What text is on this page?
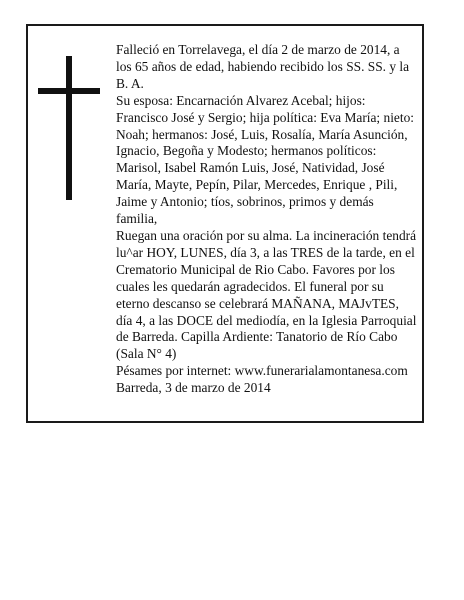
Falleció en Torrelavega, el día 2 de marzo de 2014, a los 65 años de edad, habiendo recibido los SS. SS. y la B. A.

Su esposa: Encarnación Alvarez Acebal; hijos: Francisco José y Sergio; hija política: Eva María; nieto: Noah; hermanos: José, Luis, Rosalía, María Asunción, Ignacio, Begoña y Modesto; hermanos políticos: Marisol, Isabel Ramón Luis, José, Natividad, José María, Mayte, Pepín, Pilar, Mercedes, Enrique , Pili, Jaime y Antonio; tíos, sobrinos, primos y demás familia,

Ruegan una oración por su alma. La incineración tendrá lu^ar HOY, LUNES, día 3, a las TRES de la tarde, en el Crematorio Municipal de Rio Cabo. Favores por los cuales les quedarán agradecidos. El funeral por su eterno descanso se celebrará MAÑANA, MAJvTES, día 4, a las DOCE del mediodía, en la Iglesia Parroquial de Barreda. Capilla Ardiente: Tanatorio de Río Cabo (Sala N° 4)

Pésames por internet: www.funerarialamontanesa.com

Barreda, 3 de marzo de 2014
